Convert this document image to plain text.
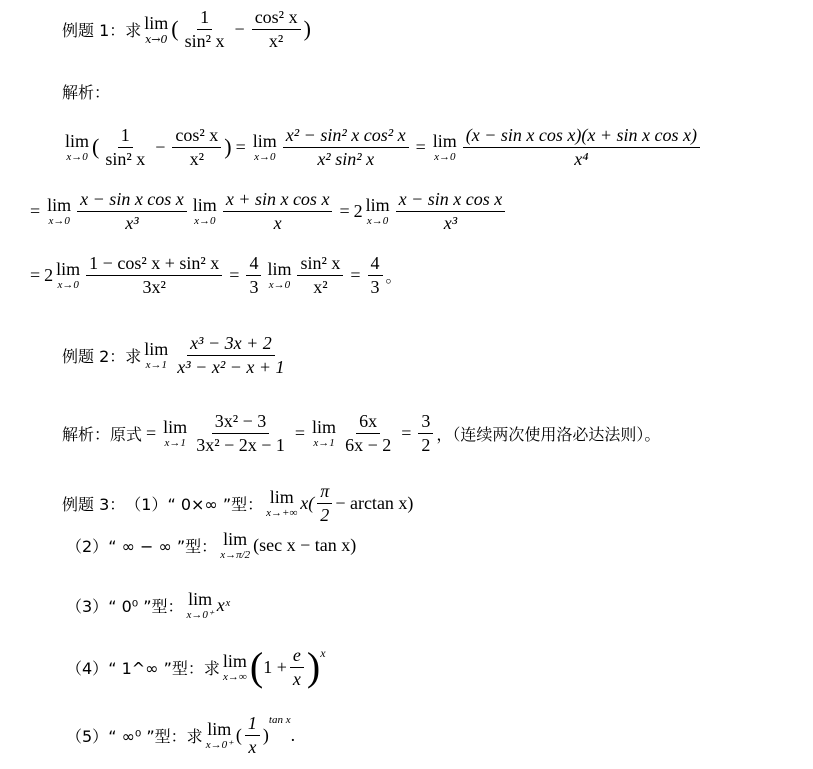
例题 1：求 lim
x→0 ( $\frac{1}{\text{sin² x}} - \frac{\text{cos² x}}{\text{x²}}$ )
解析：
lim
x→0 ( $\frac{1}{\text{sin² x}} - \frac{\text{cos² x}}{\text{x²}}$ ) = lim
$x\to 0 \frac{\text{x² − sin² x cos² x}}{\text{x² sin² x}} = \lim$
$x\to 0 \frac{\text{(x − sin x cos x)(x + sin x cos x)}}{\text{x⁴}}$
= lim
$x\to 0 \frac{\text{x − sin x cos x}}{\text{x³}}$ lim
$x\to 0 \frac{\text{x + sin x cos x}}{x} = 2$ lim
$x\to 0 \frac{\text{x − sin x cos x}}{\text{x³}}$
= 2 lim
$x\to 0 \frac{\text{1 − cos² x + sin² x}}{\text{3x²}} = \frac{4}{3}$ lim
$x\to 0 \frac{\text{sin² x}}{\text{x²}} = \frac{4}{3}$ 。
例题 2：求 lim
$x\to 1 \frac{\text{x³ − 3x + 2}}{\text{x³ − x² − x + 1}}$
解析：原式 = lim
$x\to 1 \frac{\text{3x² − 3}}{\text{3x² − 2x − 1}} = \lim$
$x\to 1 \frac{6x}{6x - 2} = \frac{3}{2}$ ，（连续两次使用洛必达法则）。
例题 3： （1） “ 0×∞ ”型： lim
x→+∞ $x( \frac{\pi}{2} - \arctan x)$
（2） “ ∞ − ∞ ”型： lim
x→π/2 (sec x − tan x)
（3） “ 0⁰ ”型： lim
x→0⁺ xˣ
（4） “ 1^∞ ”型：求 lim
x→∞ ( $1 + \frac{e}{x}$ ) x
（5） “ ∞⁰ ”型：求 lim
x→0⁺ ( $\frac{1}{x}$ )
tan x
.
